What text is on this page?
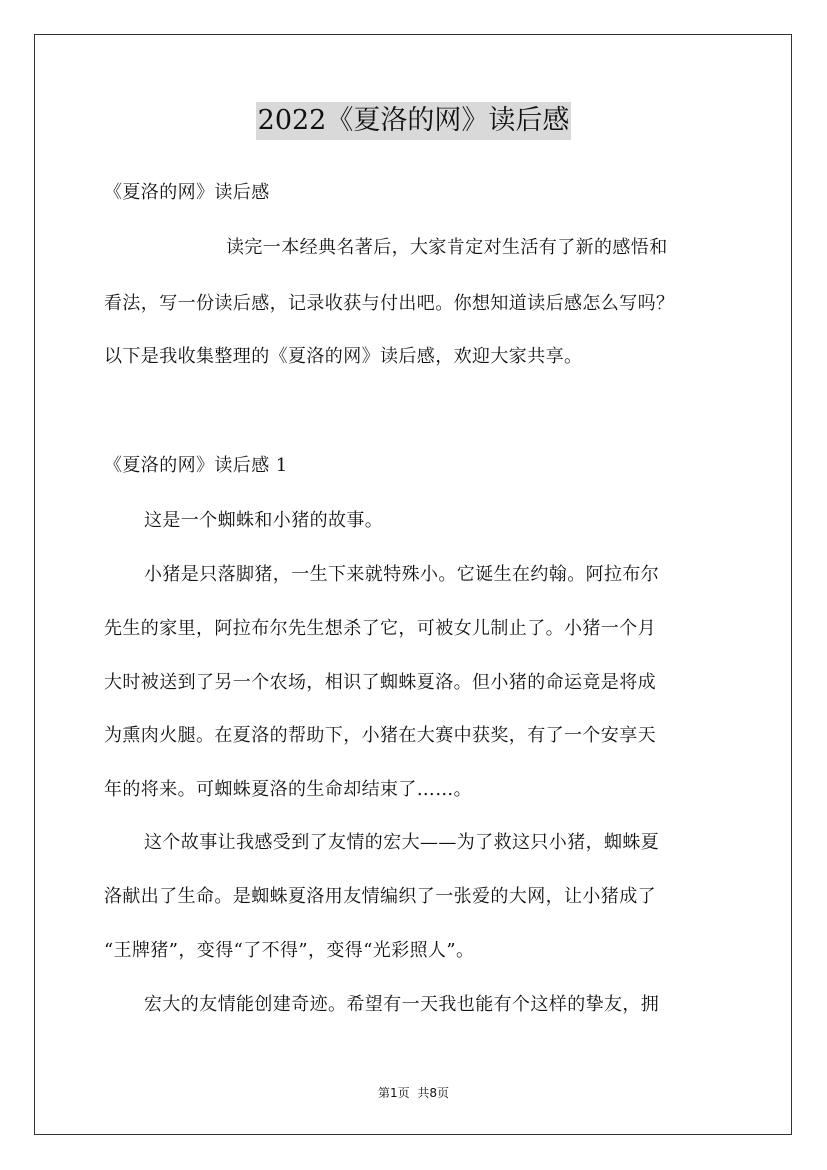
2022《夏洛的网》读后感
《夏洛的网》读后感
读完一本经典名著后，大家肯定对生活有了新的感悟和
看法，写一份读后感，记录收获与付出吧。你想知道读后感怎么写吗？
以下是我收集整理的《夏洛的网》读后感，欢迎大家共享。
《夏洛的网》读后感 1
这是一个蜘蛛和小猪的故事。
小猪是只落脚猪，一生下来就特殊小。它诞生在约翰。阿拉布尔
先生的家里，阿拉布尔先生想杀了它，可被女儿制止了。小猪一个月
大时被送到了另一个农场，相识了蜘蛛夏洛。但小猪的命运竟是将成
为熏肉火腿。在夏洛的帮助下，小猪在大赛中获奖，有了一个安享天
年的将来。可蜘蛛夏洛的生命却结束了……。
这个故事让我感受到了友情的宏大——为了救这只小猪，蜘蛛夏
洛献出了生命。是蜘蛛夏洛用友情编织了一张爱的大网，让小猪成了
“王牌猪”，变得“了不得”，变得“光彩照人”。
宏大的友情能创建奇迹。希望有一天我也能有个这样的挚友，拥
第1页 共8页
